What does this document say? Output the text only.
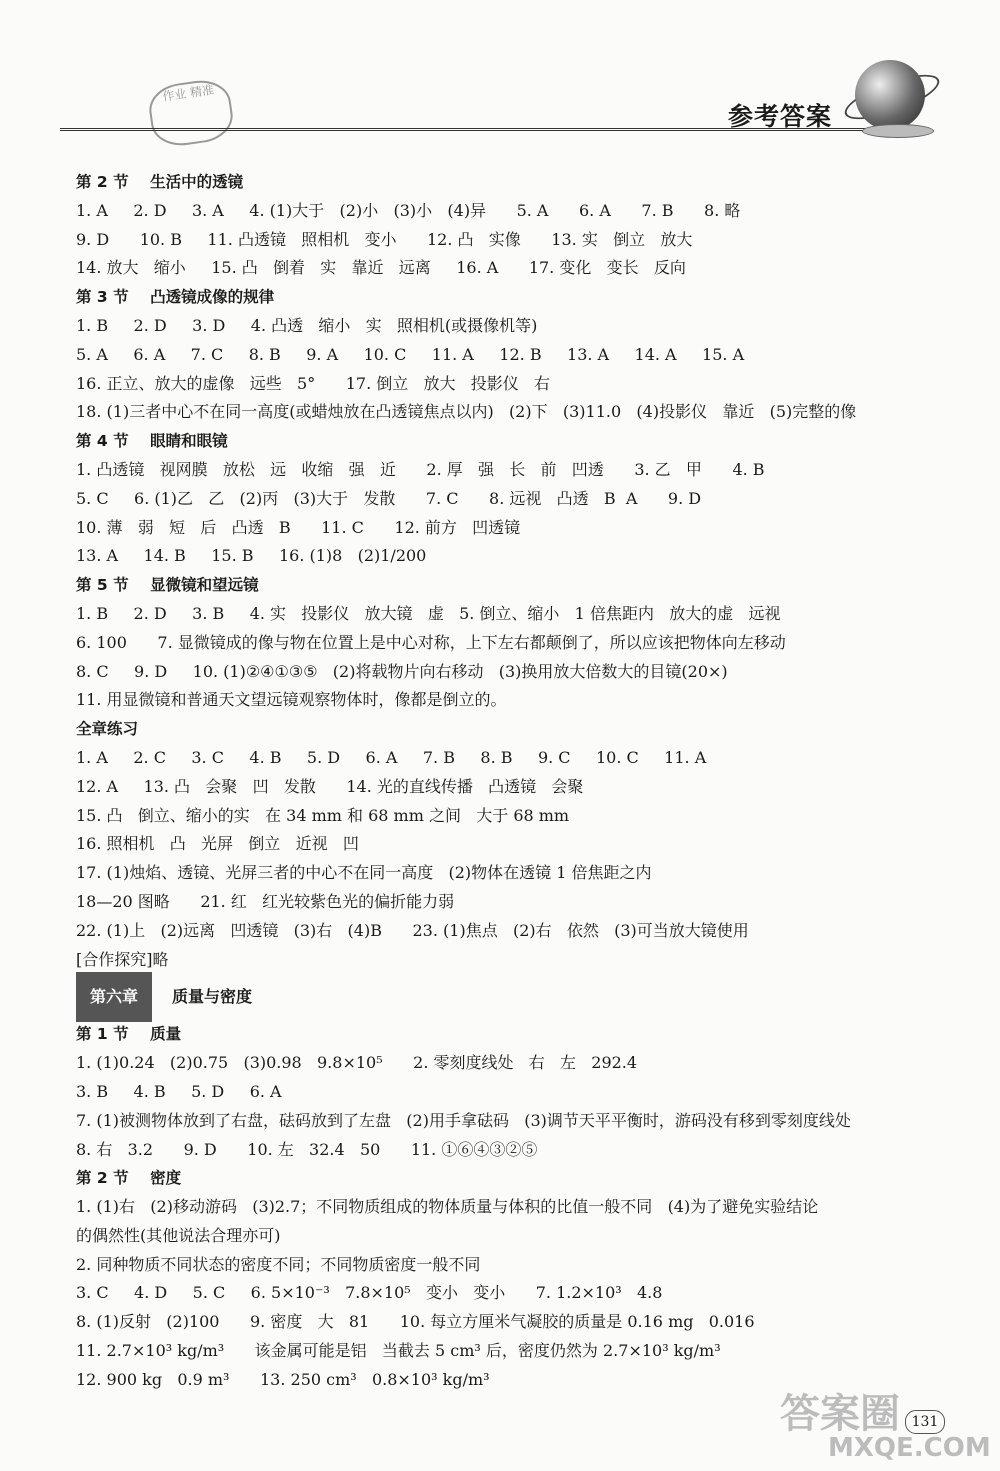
作业 精准
参考答案
第 2 节    生活中的透镜
1. A     2. D     3. A     4. (1)大于   (2)小   (3)小   (4)异      5. A      6. A      7. B      8. 略
9. D      10. B     11. 凸透镜   照相机   变小      12. 凸   实像      13. 实   倒立   放大
14. 放大   缩小     15. 凸   倒着   实   靠近   远离     16. A      17. 变化   变长   反向
第 3 节    凸透镜成像的规律
1. B     2. D     3. D     4. 凸透   缩小   实   照相机(或摄像机等)
5. A     6. A     7. C     8. B     9. A     10. C     11. A     12. B     13. A     14. A     15. A
16. 正立、放大的虚像   远些   5°      17. 倒立   放大   投影仪   右
18. (1)三者中心不在同一高度(或蜡烛放在凸透镜焦点以内)   (2)下   (3)11.0   (4)投影仪   靠近   (5)完整的像
第 4 节    眼睛和眼镜
1. 凸透镜   视网膜   放松   远   收缩   强   近      2. 厚   强   长   前   凹透      3. 乙   甲      4. B
5. C     6. (1)乙   乙   (2)丙   (3)大于   发散      7. C      8. 远视   凸透   B  A      9. D
10. 薄   弱   短   后   凸透   B      11. C      12. 前方   凹透镜
13. A     14. B     15. B     16. (1)8   (2)1/200
第 5 节    显微镜和望远镜
1. B     2. D     3. B     4. 实   投影仪   放大镜   虚   5. 倒立、缩小   1 倍焦距内   放大的虚   远视
6. 100      7. 显微镜成的像与物在位置上是中心对称，上下左右都颠倒了，所以应该把物体向左移动
8. C     9. D     10. (1)②④①③⑤   (2)将载物片向右移动   (3)换用放大倍数大的目镜(20×)
11. 用显微镜和普通天文望远镜观察物体时，像都是倒立的。
全章练习
1. A     2. C     3. C     4. B     5. D     6. A     7. B     8. B     9. C     10. C     11. A
12. A     13. 凸   会聚   凹   发散      14. 光的直线传播   凸透镜   会聚
15. 凸   倒立、缩小的实   在 34 mm 和 68 mm 之间   大于 68 mm
16. 照相机   凸   光屏   倒立   近视   凹
17. (1)烛焰、透镜、光屏三者的中心不在同一高度   (2)物体在透镜 1 倍焦距之内
18—20 图略      21. 红   红光较紫色光的偏折能力弱
22. (1)上   (2)远离   凹透镜   (3)右   (4)B      23. (1)焦点   (2)右   依然   (3)可当放大镜使用
[合作探究]略
第六章	质量与密度
第 1 节    质量
1. (1)0.24   (2)0.75   (3)0.98   9.8×10⁵      2. 零刻度线处   右   左   292.4
3. B     4. B     5. D     6. A
7. (1)被测物体放到了右盘，砝码放到了左盘   (2)用手拿砝码   (3)调节天平平衡时，游码没有移到零刻度线处
8. 右   3.2      9. D      10. 左   32.4   50      11. ①⑥④③②⑤
第 2 节    密度
1. (1)右   (2)移动游码   (3)2.7；不同物质组成的物体质量与体积的比值一般不同   (4)为了避免实验结论
的偶然性(其他说法合理亦可)
2. 同种物质不同状态的密度不同；不同物质密度一般不同
3. C     4. D     5. C     6. 5×10⁻³   7.8×10⁵   变小   变小      7. 1.2×10³   4.8
8. (1)反射   (2)100      9. 密度   大   81      10. 每立方厘米气凝胶的质量是 0.16 mg   0.016
11. 2.7×10³ kg/m³      该金属可能是铝   当截去 5 cm³ 后，密度仍然为 2.7×10³ kg/m³
12. 900 kg   0.9 m³      13. 250 cm³   0.8×10³ kg/m³
答案圈
MXQE.COM
131
